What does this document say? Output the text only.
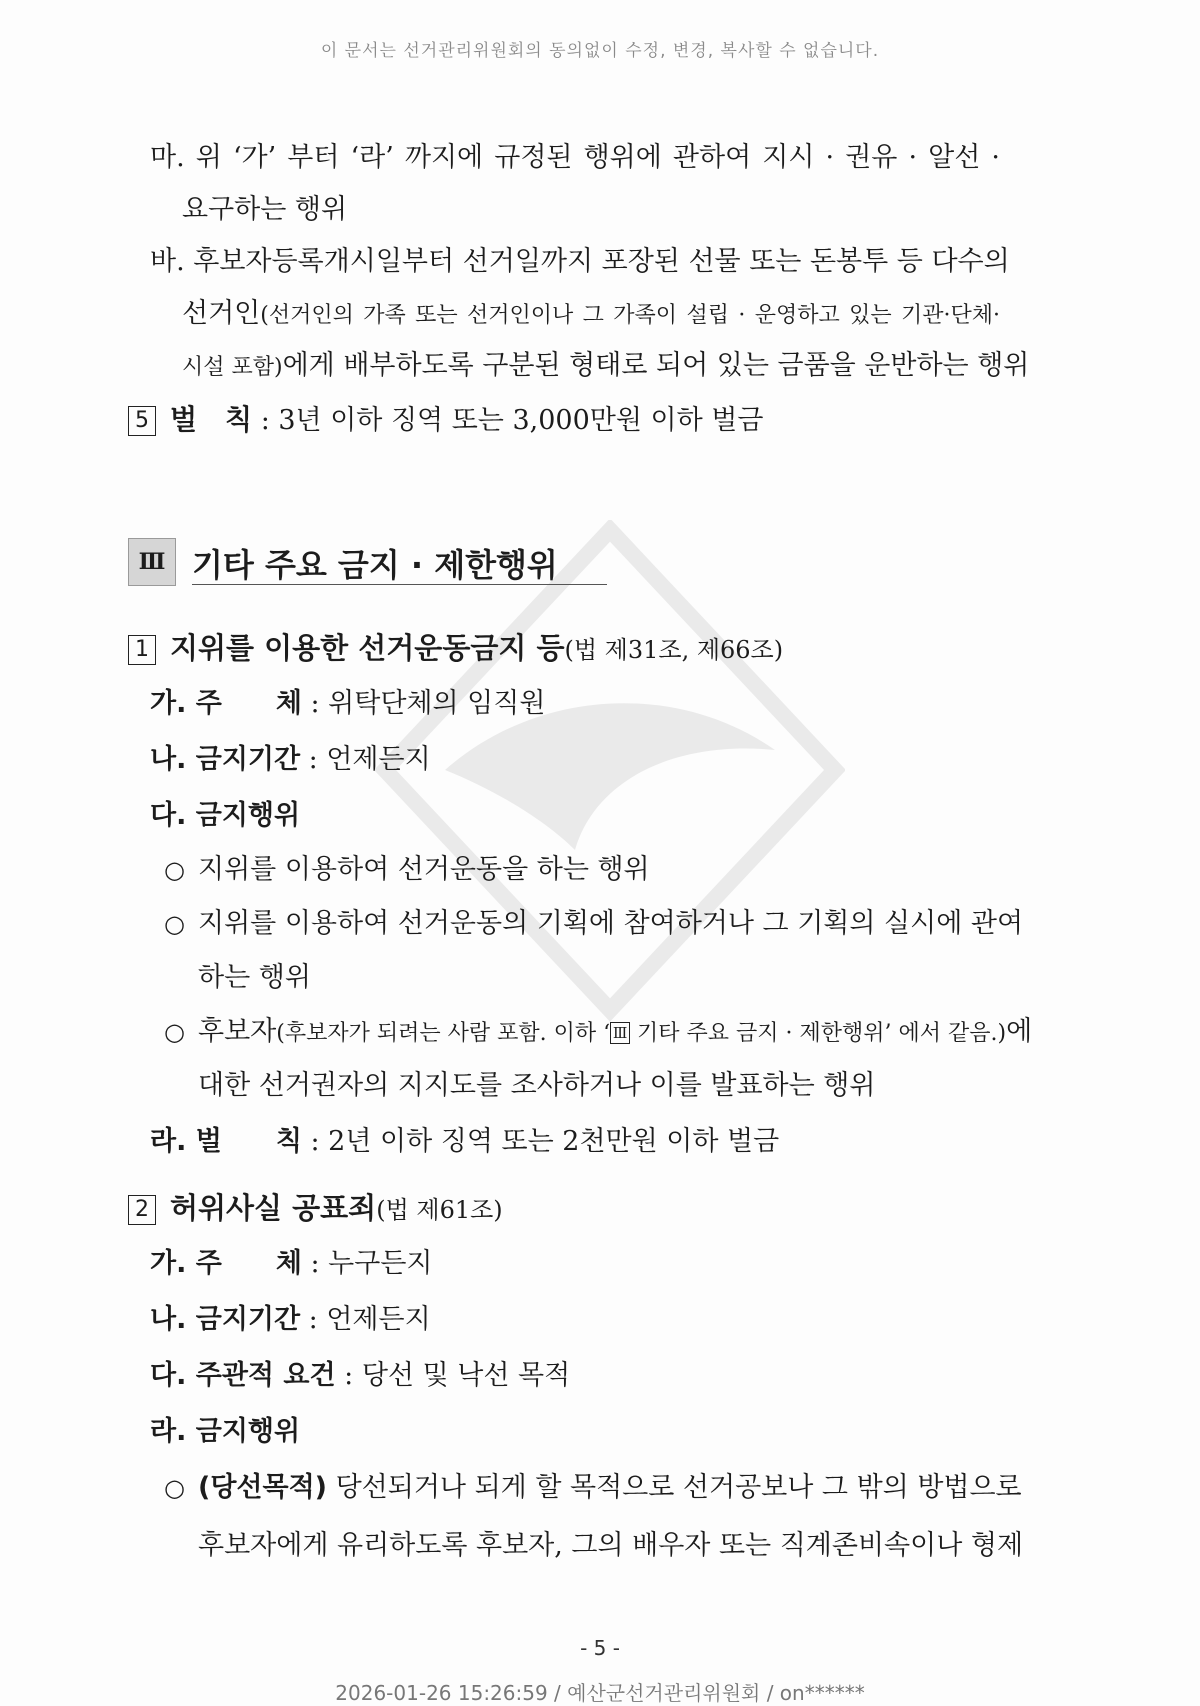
이 문서는 선거관리위원회의 동의없이 수정, 변경, 복사할 수 없습니다.
마. 위 ‘가’ 부터 ‘라’ 까지에 규정된 행위에 관하여 지시 · 권유 · 알선 ·
요구하는 행위
바. 후보자등록개시일부터 선거일까지 포장된 선물 또는 돈봉투 등 다수의
선거인(선거인의 가족 또는 선거인이나 그 가족이 설립 · 운영하고 있는 기관·단체·
시설 포함)에게 배부하도록 구분된 형태로 되어 있는 금품을 운반하는 행위
5 벌　칙 : 3년 이하 징역 또는 3,000만원 이하 벌금
Ⅲ 기타 주요 금지 · 제한행위
1 지위를 이용한 선거운동금지 등(법 제31조, 제66조)
가. 주　　체 : 위탁단체의 임직원
나. 금지기간 : 언제든지
다. 금지행위
○ 지위를 이용하여 선거운동을 하는 행위
○ 지위를 이용하여 선거운동의 기획에 참여하거나 그 기획의 실시에 관여
하는 행위
○ 후보자(후보자가 되려는 사람 포함. 이하 ‘ Ⅲ 기타 주요 금지 · 제한행위’ 에서 같음.)에
대한 선거권자의 지지도를 조사하거나 이를 발표하는 행위
라. 벌　　칙 : 2년 이하 징역 또는 2천만원 이하 벌금
2 허위사실 공표죄(법 제61조)
가. 주　　체 : 누구든지
나. 금지기간 : 언제든지
다. 주관적 요건 : 당선 및 낙선 목적
라. 금지행위
○ (당선목적) 당선되거나 되게 할 목적으로 선거공보나 그 밖의 방법으로
후보자에게 유리하도록 후보자, 그의 배우자 또는 직계존비속이나 형제
- 5 -
2026-01-26 15:26:59 / 예산군선거관리위원회 / on******
